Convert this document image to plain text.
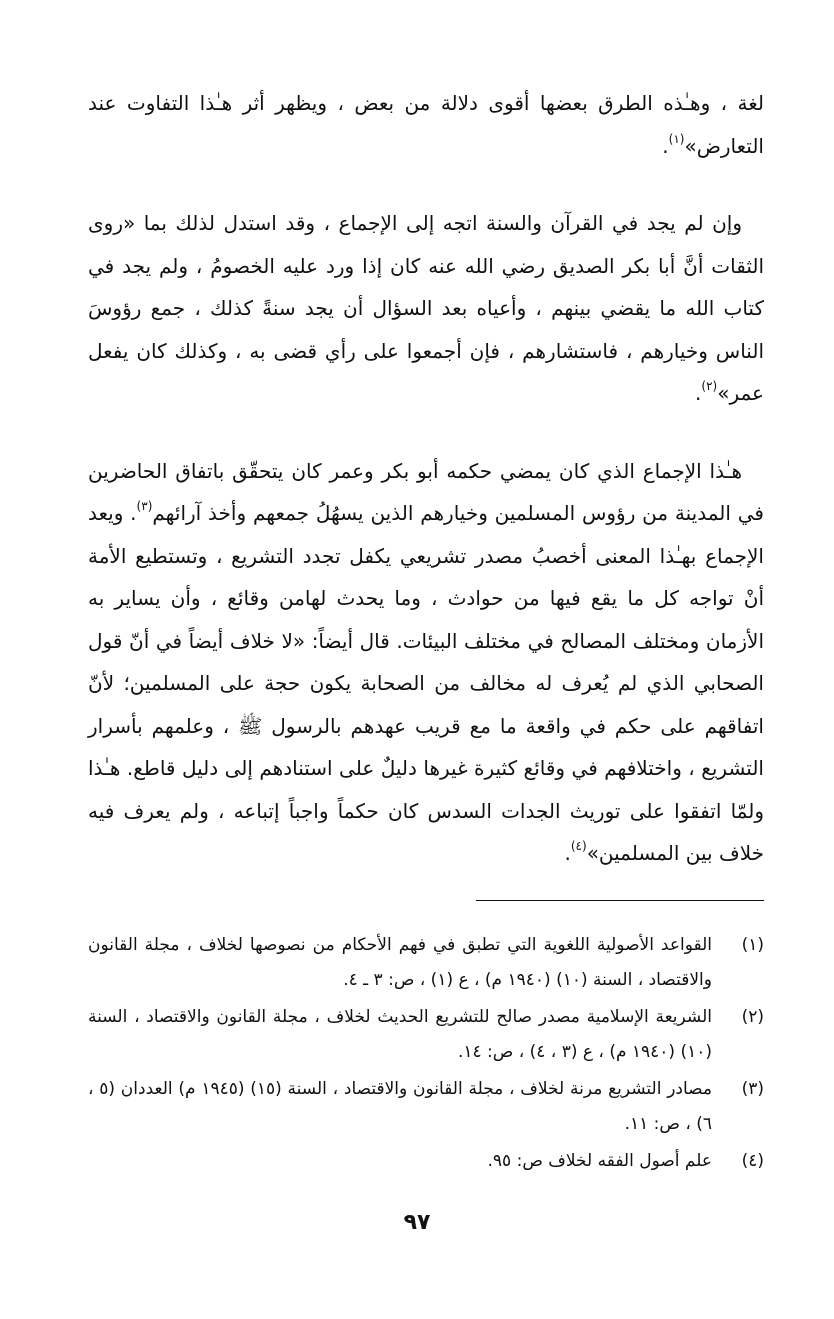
لغة ، وهـٰذه الطرق بعضها أقوى دلالة من بعض ، ويظهر أثر هـٰذا التفاوت عند التعارض»$^{(١)}$.

وإن لم يجد في القرآن والسنة اتجه إلى الإجماع ، وقد استدل لذلك بما «روى الثقات أنَّ أبا بكر الصديق رضي الله عنه كان إذا ورد عليه الخصومُ ، ولم يجد في كتاب الله ما يقضي بينهم ، وأعياه بعد السؤال أن يجد سنةً كذلك ، جمع رؤوسَ الناس وخيارهم ، فاستشارهم ، فإن أجمعوا على رأي قضى به ، وكذلك كان يفعل عمر»$^{(٢)}$.

هـٰذا الإجماع الذي كان يمضي حكمه أبو بكر وعمر كان يتحقّق باتفاق الحاضرين في المدينة من رؤوس المسلمين وخيارهم الذين يسهُلُ جمعهم وأخذ آرائهم$^{(٣)}$. ويعد الإجماع بهـٰذا المعنى أخصبُ مصدر تشريعي يكفل تجدد التشريع ، وتستطيع الأمة أنْ تواجه كل ما يقع فيها من حوادث ، وما يحدث لهامن وقائع ، وأن يساير به الأزمان ومختلف المصالح في مختلف البيئات. قال أيضاً: «لا خلاف أيضاً في أنّ قول الصحابي الذي لم يُعرف له مخالف من الصحابة يكون حجة على المسلمين؛ لأنّ اتفاقهم على حكم في واقعة ما مع قريب عهدهم بالرسول ﷺ ، وعلمهم بأسرار التشريع ، واختلافهم في وقائع كثيرة غيرها دليلٌ على استنادهم إلى دليل قاطع. هـٰذا ولمّا اتفقوا على توريث الجدات السدس كان حكماً واجباً إتباعه ، ولم يعرف فيه خلاف بين المسلمين»$^{(٤)}$.

(١)
القواعد الأصولية اللغوية التي تطبق في فهم الأحكام من نصوصها لخلاف ، مجلة القانون والاقتصاد ، السنة (١٠) (١٩٤٠ م) ، ع (١) ، ص: ٣ ـ ٤.
(٢)
الشريعة الإسلامية مصدر صالح للتشريع الحديث لخلاف ، مجلة القانون والاقتصاد ، السنة (١٠) (١٩٤٠ م) ، ع (٣ ، ٤) ، ص: ١٤.
(٣)
مصادر التشريع مرنة لخلاف ، مجلة القانون والاقتصاد ، السنة (١٥) (١٩٤٥ م) العددان (٥ ، ٦) ، ص: ١١.
(٤)
علم أصول الفقه لخلاف ص: ٩٥.
٩٧
